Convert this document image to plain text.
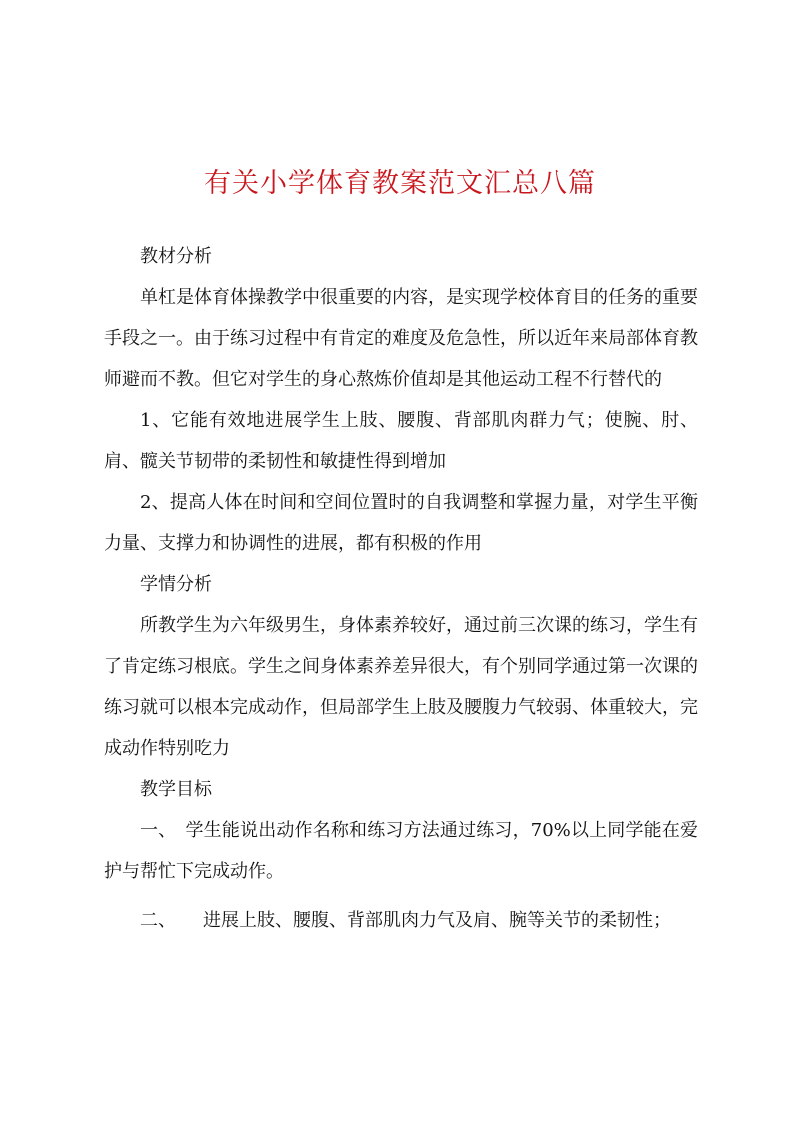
有关小学体育教案范文汇总八篇

教材分析

单杠是体育体操教学中很重要的内容，是实现学校体育目的任务的重要手段之一。由于练习过程中有肯定的难度及危急性，所以近年来局部体育教师避而不教。但它对学生的身心熬炼价值却是其他运动工程不行替代的

1、它能有效地进展学生上肢、腰腹、背部肌肉群力气；使腕、肘、肩、髋关节韧带的柔韧性和敏捷性得到增加

2、提高人体在时间和空间位置时的自我调整和掌握力量，对学生平衡力量、支撑力和协调性的进展，都有积极的作用

学情分析

所教学生为六年级男生，身体素养较好，通过前三次课的练习，学生有了肯定练习根底。学生之间身体素养差异很大，有个别同学通过第一次课的练习就可以根本完成动作，但局部学生上肢及腰腹力气较弱、体重较大，完成动作特别吃力

教学目标

一、　学生能说出动作名称和练习方法通过练习，70%以上同学能在爱护与帮忙下完成动作。

二、　　进展上肢、腰腹、背部肌肉力气及肩、腕等关节的柔韧性；
